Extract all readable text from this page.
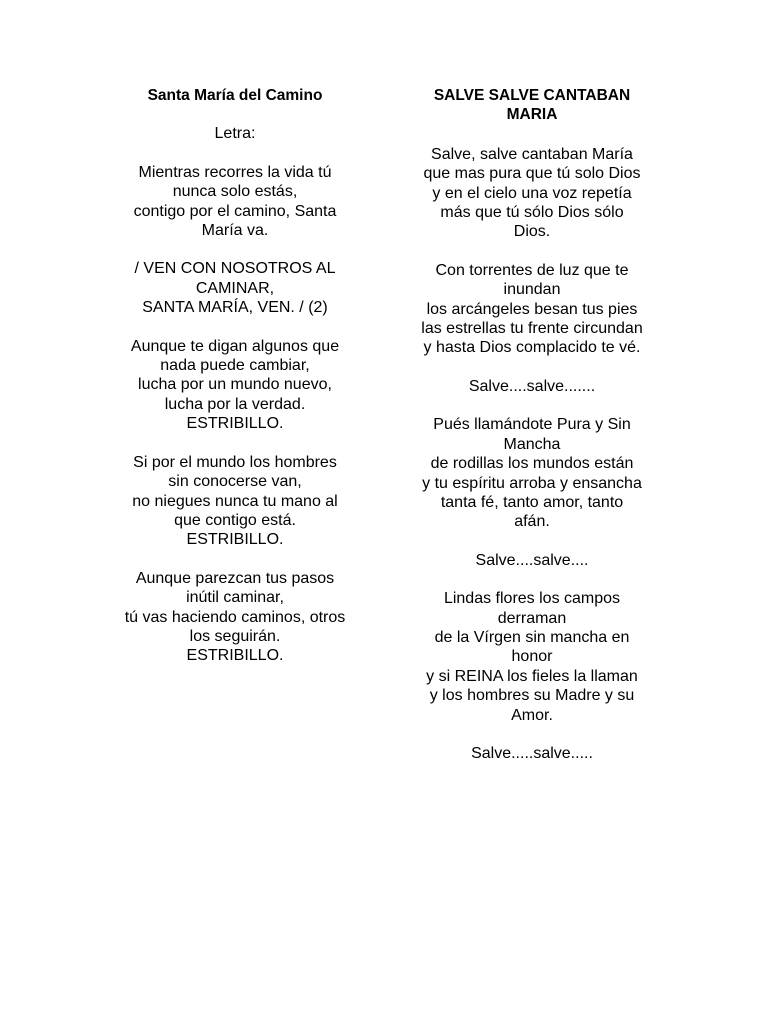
Santa María del Camino

Letra:

Mientras recorres la vida tú
nunca solo estás,
contigo por el camino, Santa
María va.

/ VEN CON NOSOTROS AL
CAMINAR,
SANTA MARÍA, VEN. / (2)

Aunque te digan algunos que
nada puede cambiar,
lucha por un mundo nuevo,
lucha por la verdad.
ESTRIBILLO.

Si por el mundo los hombres
sin conocerse van,
no niegues nunca tu mano al
que contigo está.
ESTRIBILLO.

Aunque parezcan tus pasos
inútil caminar,
tú vas haciendo caminos, otros
los seguirán.
ESTRIBILLO.

SALVE SALVE CANTABAN
MARIA

Salve, salve cantaban María
que mas pura que tú solo Dios
y en el cielo una voz repetía
más que tú sólo Dios sólo
Dios.

Con torrentes de luz que te
inundan
los arcángeles besan tus pies
las estrellas tu frente circundan
y hasta Dios complacido te vé.

Salve....salve.......

Pués llamándote Pura y Sin
Mancha
de rodillas los mundos están
y tu espíritu arroba y ensancha
tanta fé, tanto amor, tanto
afán.

Salve....salve....

Lindas flores los campos
derraman
de la Vírgen sin mancha en
honor
y si REINA los fieles la llaman
y los hombres su Madre y su
Amor.

Salve.....salve.....
